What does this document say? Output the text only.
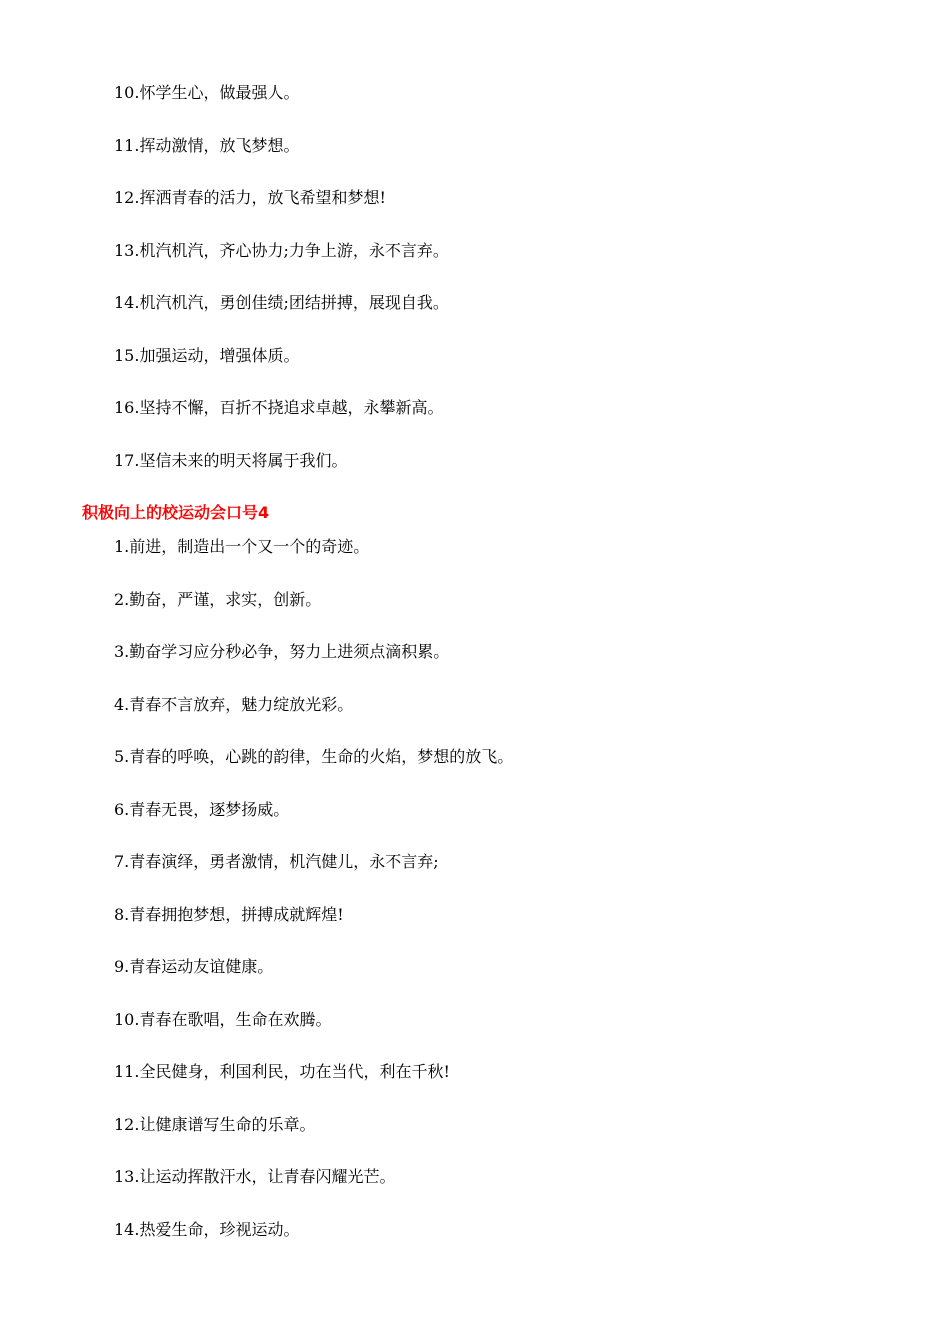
10.怀学生心，做最强人。
11.挥动激情，放飞梦想。
12.挥洒青春的活力，放飞希望和梦想!
13.机汽机汽，齐心协力;力争上游，永不言弃。
14.机汽机汽，勇创佳绩;团结拼搏，展现自我。
15.加强运动，增强体质。
16.坚持不懈，百折不挠追求卓越，永攀新高。
17.坚信未来的明天将属于我们。
积极向上的校运动会口号4
1.前进，制造出一个又一个的奇迹。
2.勤奋，严谨，求实，创新。
3.勤奋学习应分秒必争，努力上进须点滴积累。
4.青春不言放弃，魅力绽放光彩。
5.青春的呼唤，心跳的韵律，生命的火焰，梦想的放飞。
6.青春无畏，逐梦扬威。
7.青春演绎，勇者激情，机汽健儿，永不言弃;
8.青春拥抱梦想，拼搏成就辉煌!
9.青春运动友谊健康。
10.青春在歌唱，生命在欢腾。
11.全民健身，利国利民，功在当代，利在千秋!
12.让健康谱写生命的乐章。
13.让运动挥散汗水，让青春闪耀光芒。
14.热爱生命，珍视运动。
